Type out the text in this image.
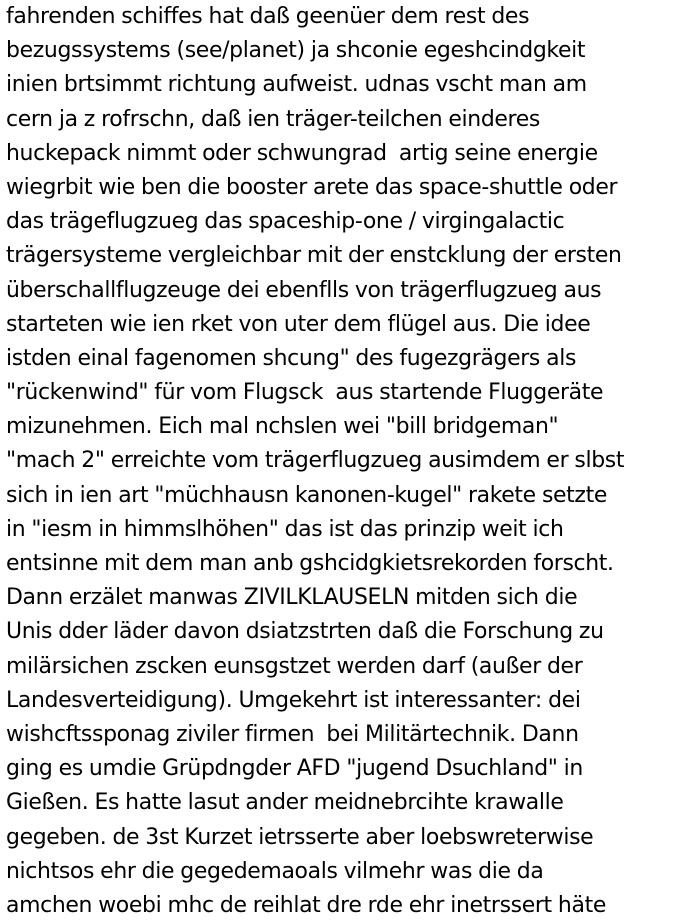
fahrenden schiffes hat daß geenüer dem rest des
bezugssystems (see/planet) ja shconie egeshcindgkeit
inien brtsimmt richtung aufweist. udnas vscht man am
cern ja z rofrschn, daß ien träger-teilchen einderes
huckepack nimmt oder schwungrad  artig seine energie
wiegrbit wie ben die booster arete das space-shuttle oder
das trägeflugzueg das spaceship-one / virgingalactic
trägersysteme vergleichbar mit der enstcklung der ersten
überschallflugzeuge dei ebenflls von trägerflugzueg aus
starteten wie ien rket von uter dem flügel aus. Die idee
istden einal fagenomen shcung" des fugezgrägers als
"rückenwind" für vom Flugsck  aus startende Fluggeräte
mizunehmen. Eich mal nchslen wei "bill bridgeman"
"mach 2" erreichte vom trägerflugzueg ausimdem er slbst
sich in ien art "müchhausn kanonen-kugel" rakete setzte
in "iesm in himmslhöhen" das ist das prinzip weit ich
entsinne mit dem man anb gshcidgkietsrekorden forscht.
Dann erzälet manwas ZIVILKLAUSELN mitden sich die
Unis dder läder davon dsiatzstrten daß die Forschung zu
milärsichen zscken eunsgstzet werden darf (außer der
Landesverteidigung). Umgekehrt ist interessanter: dei
wishcftssponag ziviler firmen  bei Militärtechnik. Dann
ging es umdie Grüpdngder AFD "jugend Dsuchland" in
Gießen. Es hatte lasut ander meidnebrcihte krawalle
gegeben. de 3st Kurzet ietrsserte aber loebswreterwise
nichtsos ehr die gegedemaoals vilmehr was die da
amchen woebi mhc de reihlat dre rde ehr inetrssert häte
